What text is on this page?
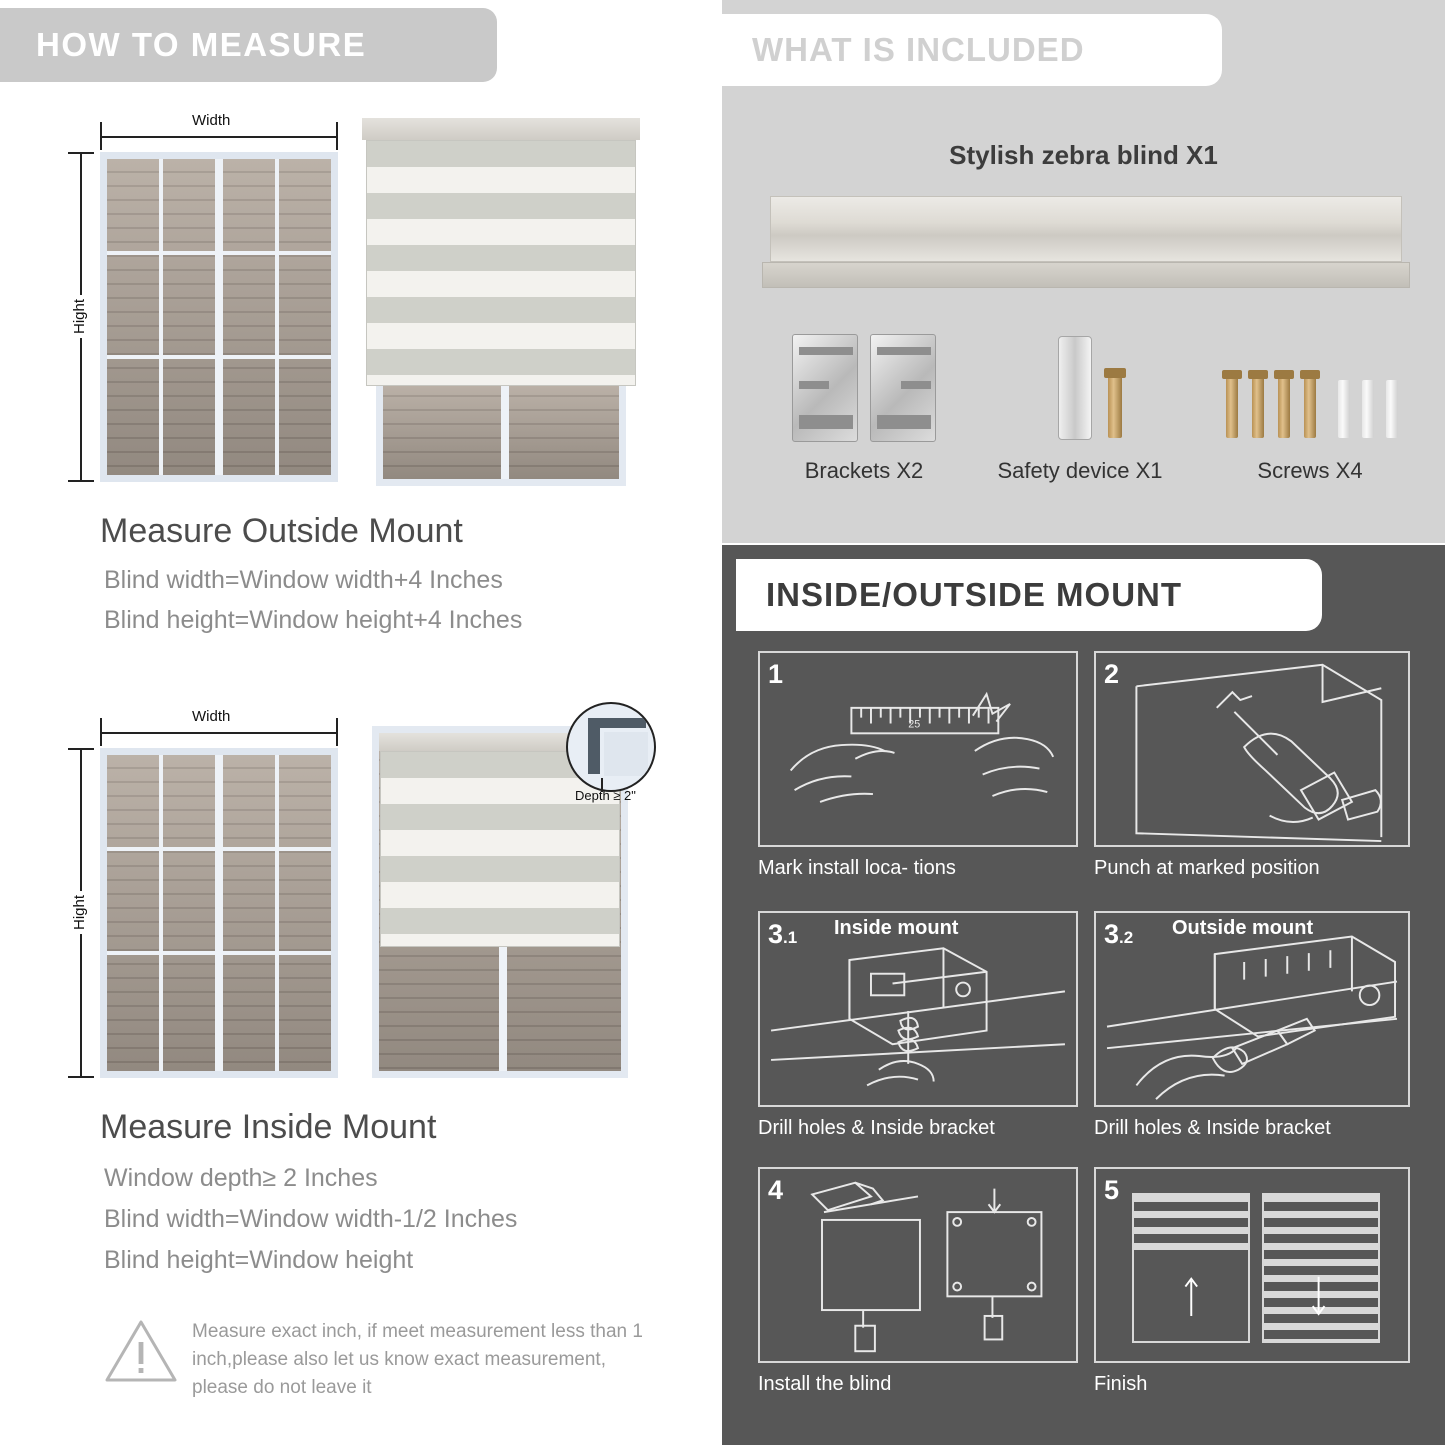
HOW TO MEASURE
Width
Hight
Measure Outside Mount
Blind width=Window width+4 Inches
Blind height=Window height+4 Inches
Width
Hight
Depth ≥ 2"
Measure Inside Mount
Window depth≥ 2 Inches
Blind width=Window width-1/2 Inches
Blind height=Window height
Measure exact inch, if meet measurement less than 1 inch,please also let us know exact measurement, please do not leave it
WHAT IS INCLUDED
Stylish zebra blind X1
Brackets X2	Safety device X1	Screws X4
INSIDE/OUTSIDE MOUNT
1
25
Mark install loca- tions
2
Punch at marked position
3.1 Inside mount
Drill holes & Inside bracket
3.2 Outside mount
Drill holes & Inside bracket
4
Install the blind
5
Finish
